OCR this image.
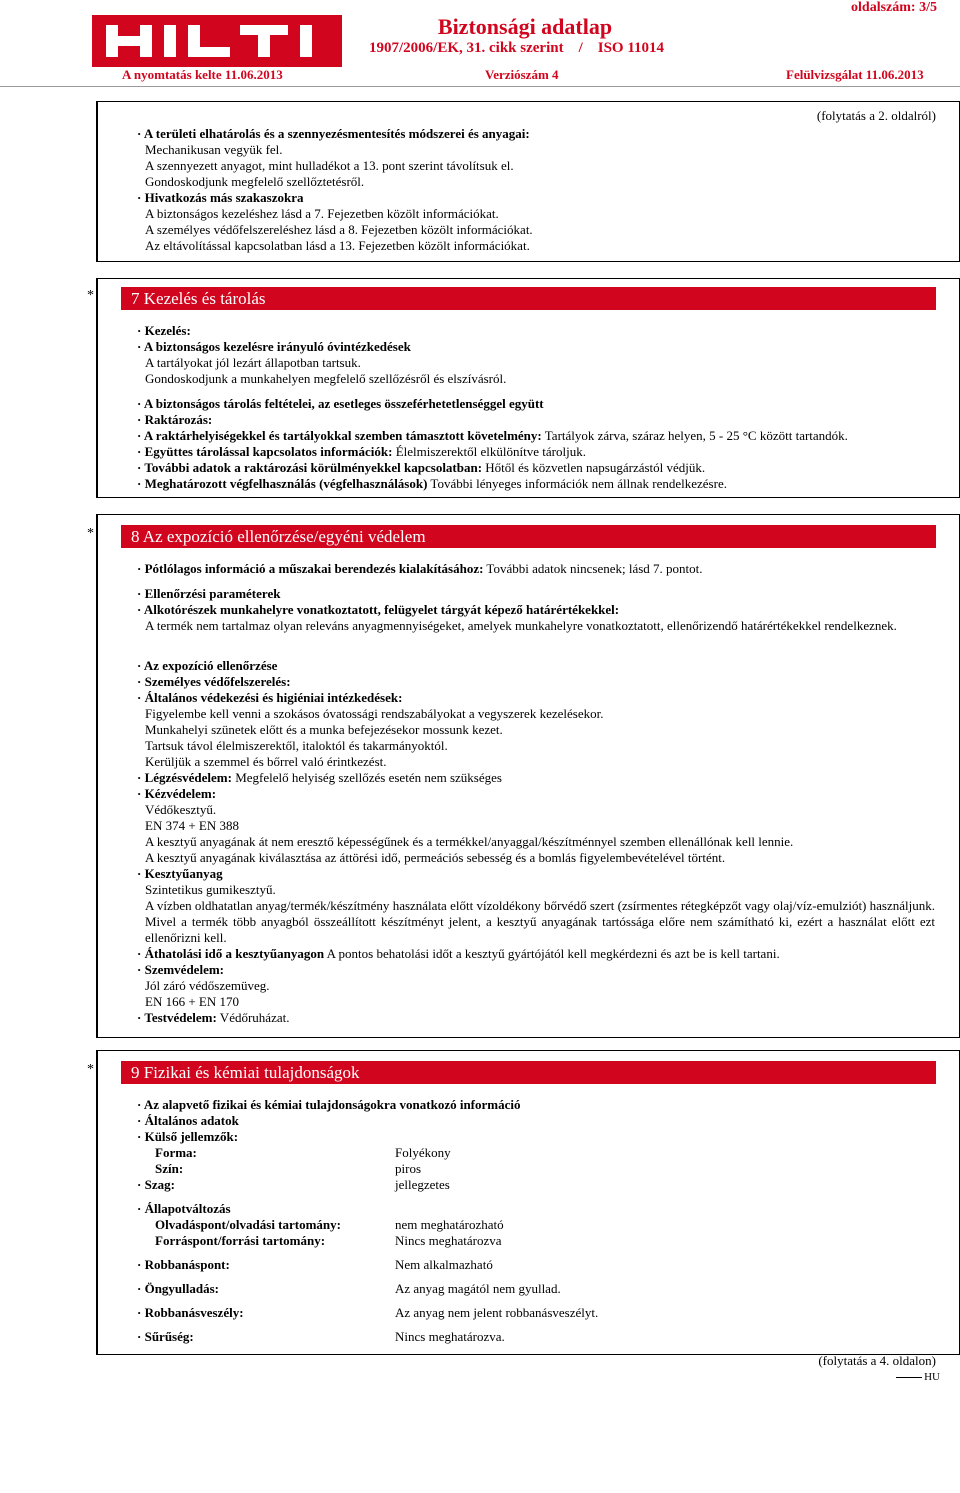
oldalszám: 3/5
Biztonsági adatlap
1907/2006/EK, 31. cikk szerint    /    ISO 11014
A nyomtatás kelte 11.06.2013	Verziószám 4	Felülvizsgálat 11.06.2013
(folytatás a 2. oldalról)
· A területi elhatárolás és a szennyezésmentesítés módszerei és anyagai:
Mechanikusan vegyük fel.
A szennyezett anyagot, mint hulladékot a 13. pont szerint távolítsuk el.
Gondoskodjunk megfelelő szellőztetésről.
· Hivatkozás más szakaszokra
A biztonságos kezeléshez lásd a 7. Fejezetben közölt információkat.
A személyes védőfelszereléshez lásd a 8. Fejezetben közölt információkat.
Az eltávolítással kapcsolatban lásd a 13. Fejezetben közölt információkat.
*	7 Kezelés és tárolás
· Kezelés:
· A biztonságos kezelésre irányuló óvintézkedések
A tartályokat jól lezárt állapotban tartsuk.
Gondoskodjunk a munkahelyen megfelelő szellőzésről és elszívásról.
· A biztonságos tárolás feltételei, az esetleges összeférhetetlenséggel együtt
· Raktározás:
· A raktárhelyiségekkel és tartályokkal szemben támasztott követelmény: Tartályok zárva, száraz helyen, 5 - 25 °C között tartandók.
· Együttes tárolással kapcsolatos információk: Élelmiszerektől elkülönítve tároljuk.
· További adatok a raktározási körülményekkel kapcsolatban: Hőtől és közvetlen napsugárzástól védjük.
· Meghatározott végfelhasználás (végfelhasználások) További lényeges információk nem állnak rendelkezésre.
*	8 Az expozíció ellenőrzése/egyéni védelem
· Pótlólagos információ a műszakai berendezés kialakításához: További adatok nincsenek; lásd 7. pontot.
· Ellenőrzési paraméterek
· Alkotórészek munkahelyre vonatkoztatott, felügyelet tárgyát képező határértékekkel:
A termék nem tartalmaz olyan releváns anyagmennyiségeket, amelyek munkahelyre vonatkoztatott, ellenőrizendő határértékekkel rendelkeznek.
· Az expozíció ellenőrzése
· Személyes védőfelszerelés:
· Általános védekezési és higiéniai intézkedések:
Figyelembe kell venni a szokásos óvatossági rendszabályokat a vegyszerek kezelésekor.
Munkahelyi szünetek előtt és a munka befejezésekor mossunk kezet.
Tartsuk távol élelmiszerektől, italoktól és takarmányoktól.
Kerüljük a szemmel és bőrrel való érintkezést.
· Légzésvédelem: Megfelelő helyiség szellőzés esetén nem szükséges
· Kézvédelem:
Védőkesztyű.
EN 374 + EN 388
A kesztyű anyagának át nem eresztő képességűnek és a termékkel/anyaggal/készítménnyel szemben ellenállónak kell lennie.
A kesztyű anyagának kiválasztása az áttörési idő, permeációs sebesség és a bomlás figyelembevételével történt.
· Kesztyűanyag
Szintetikus gumikesztyű.
A vízben oldhatatlan anyag/termék/készítmény használata előtt vízoldékony bőrvédő szert (zsírmentes rétegképzőt vagy olaj/víz-emulziót) használjunk. Mivel a termék több anyagból összeállított készítményt jelent, a kesztyű anyagának tartóssága előre nem számítható ki, ezért a használat előtt ezt ellenőrizni kell.
· Áthatolási idő a kesztyűanyagon A pontos behatolási időt a kesztyű gyártójától kell megkérdezni és azt be is kell tartani.
· Szemvédelem:
Jól záró védőszemüveg.
EN 166 + EN 170
· Testvédelem: Védőruházat.
*	9 Fizikai és kémiai tulajdonságok
· Az alapvető fizikai és kémiai tulajdonságokra vonatkozó információ
· Általános adatok
· Külső jellemzők:
Forma:	Folyékony
Szín:	piros
· Szag:	jellegzetes
· Állapotváltozás
Olvadáspont/olvadási tartomány:	nem meghatározható
Forráspont/forrási tartomány:	Nincs meghatározva
· Robbanáspont:	Nem alkalmazható
· Öngyulladás:	Az anyag magától nem gyullad.
· Robbanásveszély:	Az anyag nem jelent robbanásveszélyt.
· Sűrűség:	Nincs meghatározva.
(folytatás a 4. oldalon)
HU
